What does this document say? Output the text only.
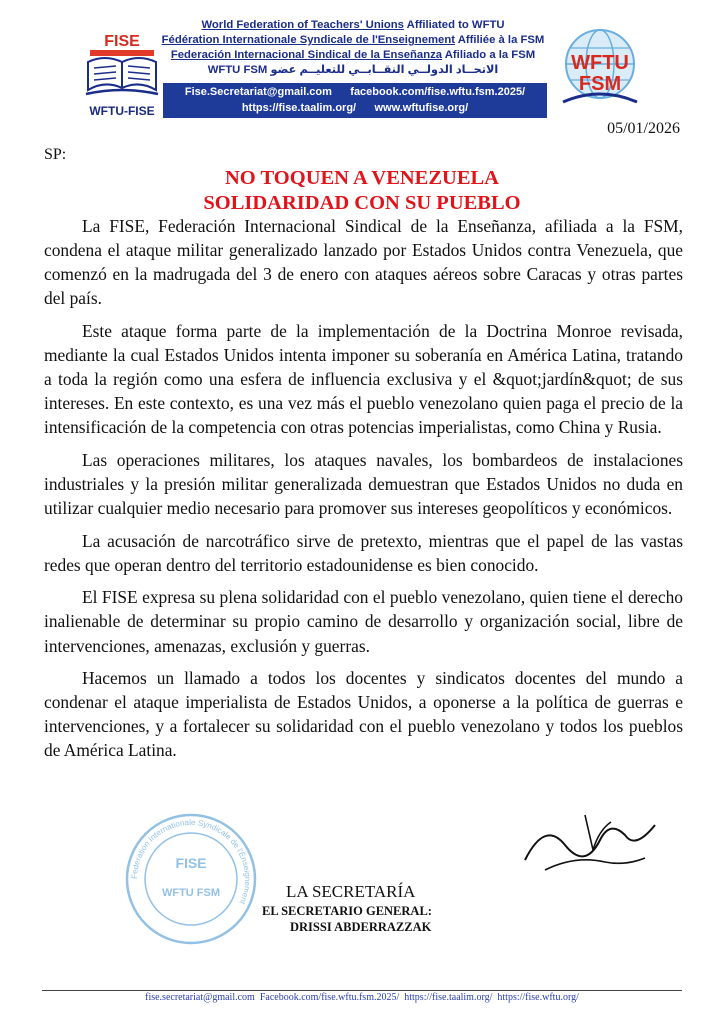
FISE
WFTU-FISE
World Federation of Teachers' Unions Affiliated to WFTU
Fédération Internationale Syndicale de l'Enseignement Affiliée à la FSM
Federación Internacional Sindical de la Enseñanza Afiliado a la FSM
WFTU FSM الاتحــاد الدولــي النقــابــي للتعليــم عضو
Fise.Secretariat@gmail.com facebook.com/fise.wftu.fsm.2025/
https://fise.taalim.org/ www.wftufise.org/
WFTU
FSM
05/01/2026
SP:
NO TOQUEN A VENEZUELA
SOLIDARIDAD CON SU PUEBLO

La FISE, Federación Internacional Sindical de la Enseñanza, afiliada a la FSM, condena el ataque militar generalizado lanzado por Estados Unidos contra Venezuela, que comenzó en la madrugada del 3 de enero con ataques aéreos sobre Caracas y otras partes del país.

Este ataque forma parte de la implementación de la Doctrina Monroe revisada, mediante la cual Estados Unidos intenta imponer su soberanía en América Latina, tratando a toda la región como una esfera de influencia exclusiva y el &quot;jardín&quot; de sus intereses. En este contexto, es una vez más el pueblo venezolano quien paga el precio de la intensificación de la competencia con otras potencias imperialistas, como China y Rusia.

Las operaciones militares, los ataques navales, los bombardeos de instalaciones industriales y la presión militar generalizada demuestran que Estados Unidos no duda en utilizar cualquier medio necesario para promover sus intereses geopolíticos y económicos.

La acusación de narcotráfico sirve de pretexto, mientras que el papel de las vastas redes que operan dentro del territorio estadounidense es bien conocido.

El FISE expresa su plena solidaridad con el pueblo venezolano, quien tiene el derecho inalienable de determinar su propio camino de desarrollo y organización social, libre de intervenciones, amenazas, exclusión y guerras.

Hacemos un llamado a todos los docentes y sindicatos docentes del mundo a condenar el ataque imperialista de Estados Unidos, a oponerse a la política de guerras e intervenciones, y a fortalecer su solidaridad con el pueblo venezolano y todos los pueblos de América Latina.

Federation Internationale Syndicale de l'Enseignement
FISE
WFTU FSM	LA SECRETARÍA
EL SECRETARIO GENERAL:
DRISSI ABDERRAZZAK
fise.secretariat@gmail.com Facebook.com/fise.wftu.fsm.2025/ https://fise.taalim.org/ https://fise.wftu.org/
